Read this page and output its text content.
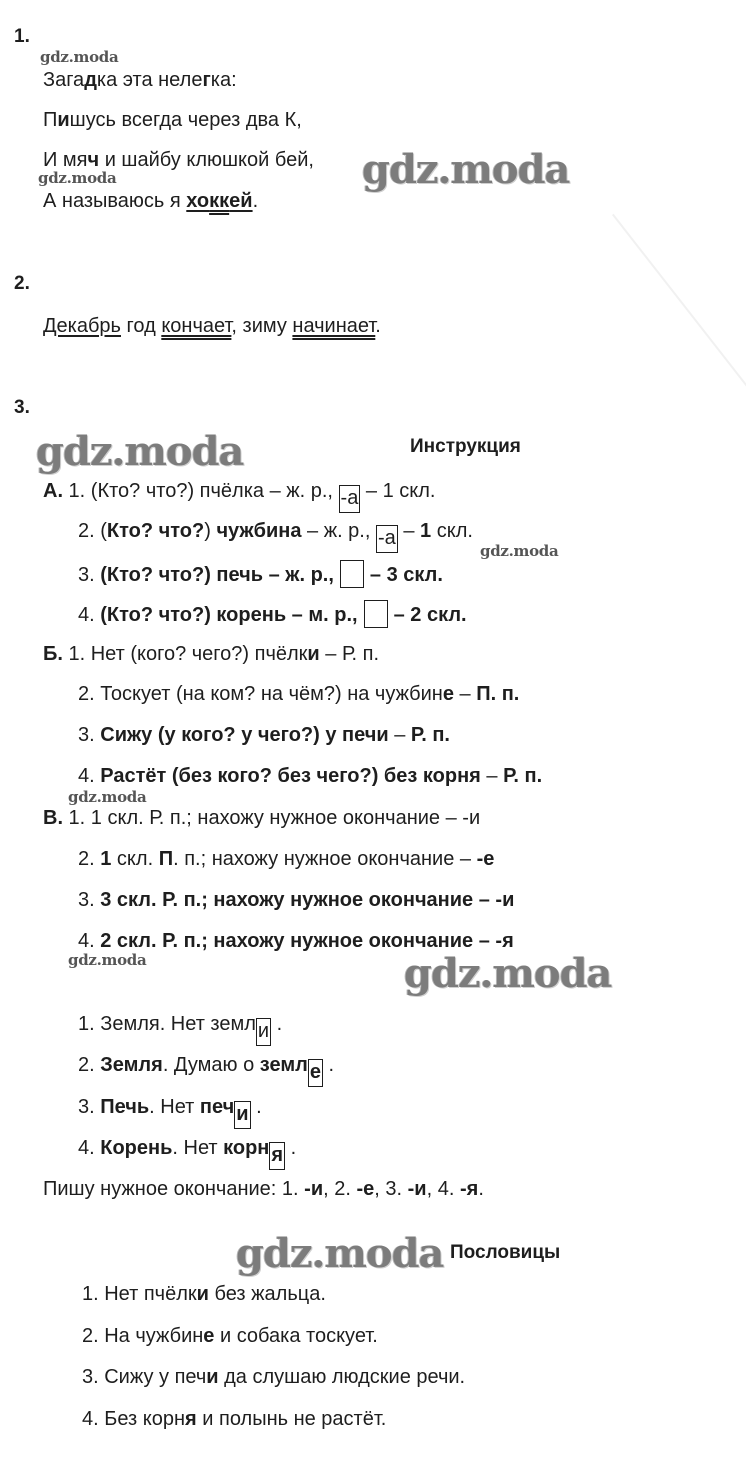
1.
Загадка эта нелегка:
Пишусь всегда через два К,
И мяч и шайбу клюшкой бей,
А называюсь я хоккей.
2.
Декабрь год кончает, зиму начинает.
3.
Инструкция
А. 1. (Кто? что?) пчёлка – ж. р., -а – 1 скл.
2. (Кто? что?) чужбина – ж. р., -а – 1 скл.
3. (Кто? что?) печь – ж. р., – 3 скл.
4. (Кто? что?) корень – м. р., – 2 скл.
Б. 1. Нет (кого? чего?) пчёлки – Р. п.
2. Тоскует (на ком? на чём?) на чужбине – П. п.
3. Сижу (у кого? у чего?) у печи – Р. п.
4. Растёт (без кого? без чего?) без корня – Р. п.
В. 1. 1 скл. Р. п.; нахожу нужное окончание – -и
2. 1 скл. П. п.; нахожу нужное окончание – -е
3. 3 скл. Р. п.; нахожу нужное окончание – -и
4. 2 скл. Р. п.; нахожу нужное окончание – -я
1. Земля. Нет земл и .
2. Земля. Думаю о земл е .
3. Печь. Нет печ и .
4. Корень. Нет корн я .
Пишу нужное окончание: 1. -и, 2. -е, 3. -и, 4. -я.
Пословицы
1. Нет пчёлки без жальца.
2. На чужбине и собака тоскует.
3. Сижу у печи да слушаю людские речи.
4. Без корня и полынь не растёт.
gdz.moda
gdz.moda	gdz.moda
gdz.moda
gdz.moda
gdz.moda
gdz.moda	gdz.moda
gdz.moda
